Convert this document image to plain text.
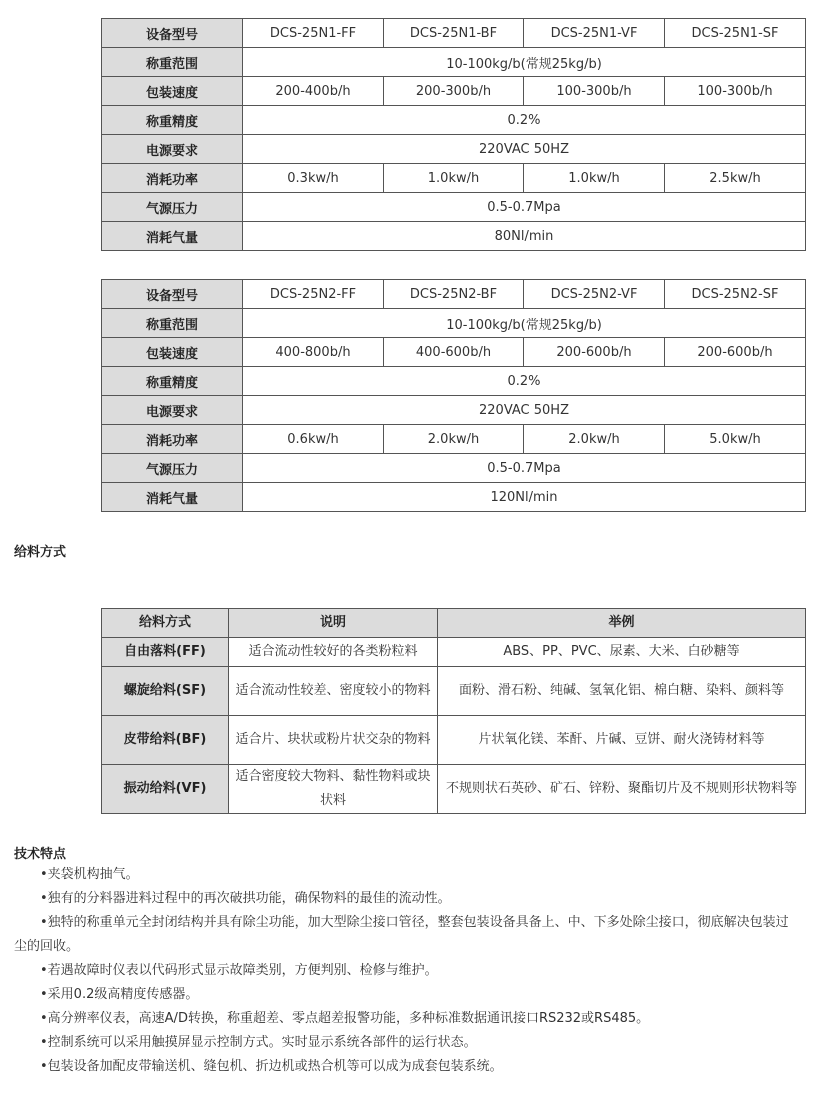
设备型号	DCS-25N1-FF	DCS-25N1-BF	DCS-25N1-VF	DCS-25N1-SF
称重范围	10-100kg/b(常规25kg/b)			
包装速度	200-400b/h	200-300b/h	100-300b/h	100-300b/h
称重精度	0.2%			
电源要求	220VAC 50HZ			
消耗功率	0.3kw/h	1.0kw/h	1.0kw/h	2.5kw/h
气源压力	0.5-0.7Mpa			
消耗气量	80Nl/min			
设备型号	DCS-25N2-FF	DCS-25N2-BF	DCS-25N2-VF	DCS-25N2-SF
称重范围	10-100kg/b(常规25kg/b)			
包装速度	400-800b/h	400-600b/h	200-600b/h	200-600b/h
称重精度	0.2%			
电源要求	220VAC 50HZ			
消耗功率	0.6kw/h	2.0kw/h	2.0kw/h	5.0kw/h
气源压力	0.5-0.7Mpa			
消耗气量	120Nl/min			
给料方式
给料方式	说明	举例
自由落料(FF)	适合流动性较好的各类粉粒料	ABS、PP、PVC、尿素、大米、白砂糖等
螺旋给料(SF)	适合流动性较差、密度较小的物料	面粉、滑石粉、纯碱、氢氧化铝、棉白糖、染料、颜料等
皮带给料(BF)	适合片、块状或粉片状交杂的物料	片状氧化镁、苯酐、片碱、豆饼、耐火浇铸材料等
振动给料(VF)	适合密度较大物料、黏性物料或块状料	不规则状石英砂、矿石、锌粉、聚酯切片及不规则形状物料等
技术特点
•夹袋机构抽气。
•独有的分料器进料过程中的再次破拱功能，确保物料的最佳的流动性。
•独特的称重单元全封闭结构并具有除尘功能，加大型除尘接口管径，整套包装设备具备上、中、下多处除尘接口，彻底解决包装过
尘的回收。
•若遇故障时仪表以代码形式显示故障类别，方便判别、检修与维护。
•采用0.2级高精度传感器。
•高分辨率仪表，高速A/D转换，称重超差、零点超差报警功能，多种标准数据通讯接口RS232或RS485。
•控制系统可以采用触摸屏显示控制方式。实时显示系统各部件的运行状态。
•包装设备加配皮带输送机、缝包机、折边机或热合机等可以成为成套包装系统。
